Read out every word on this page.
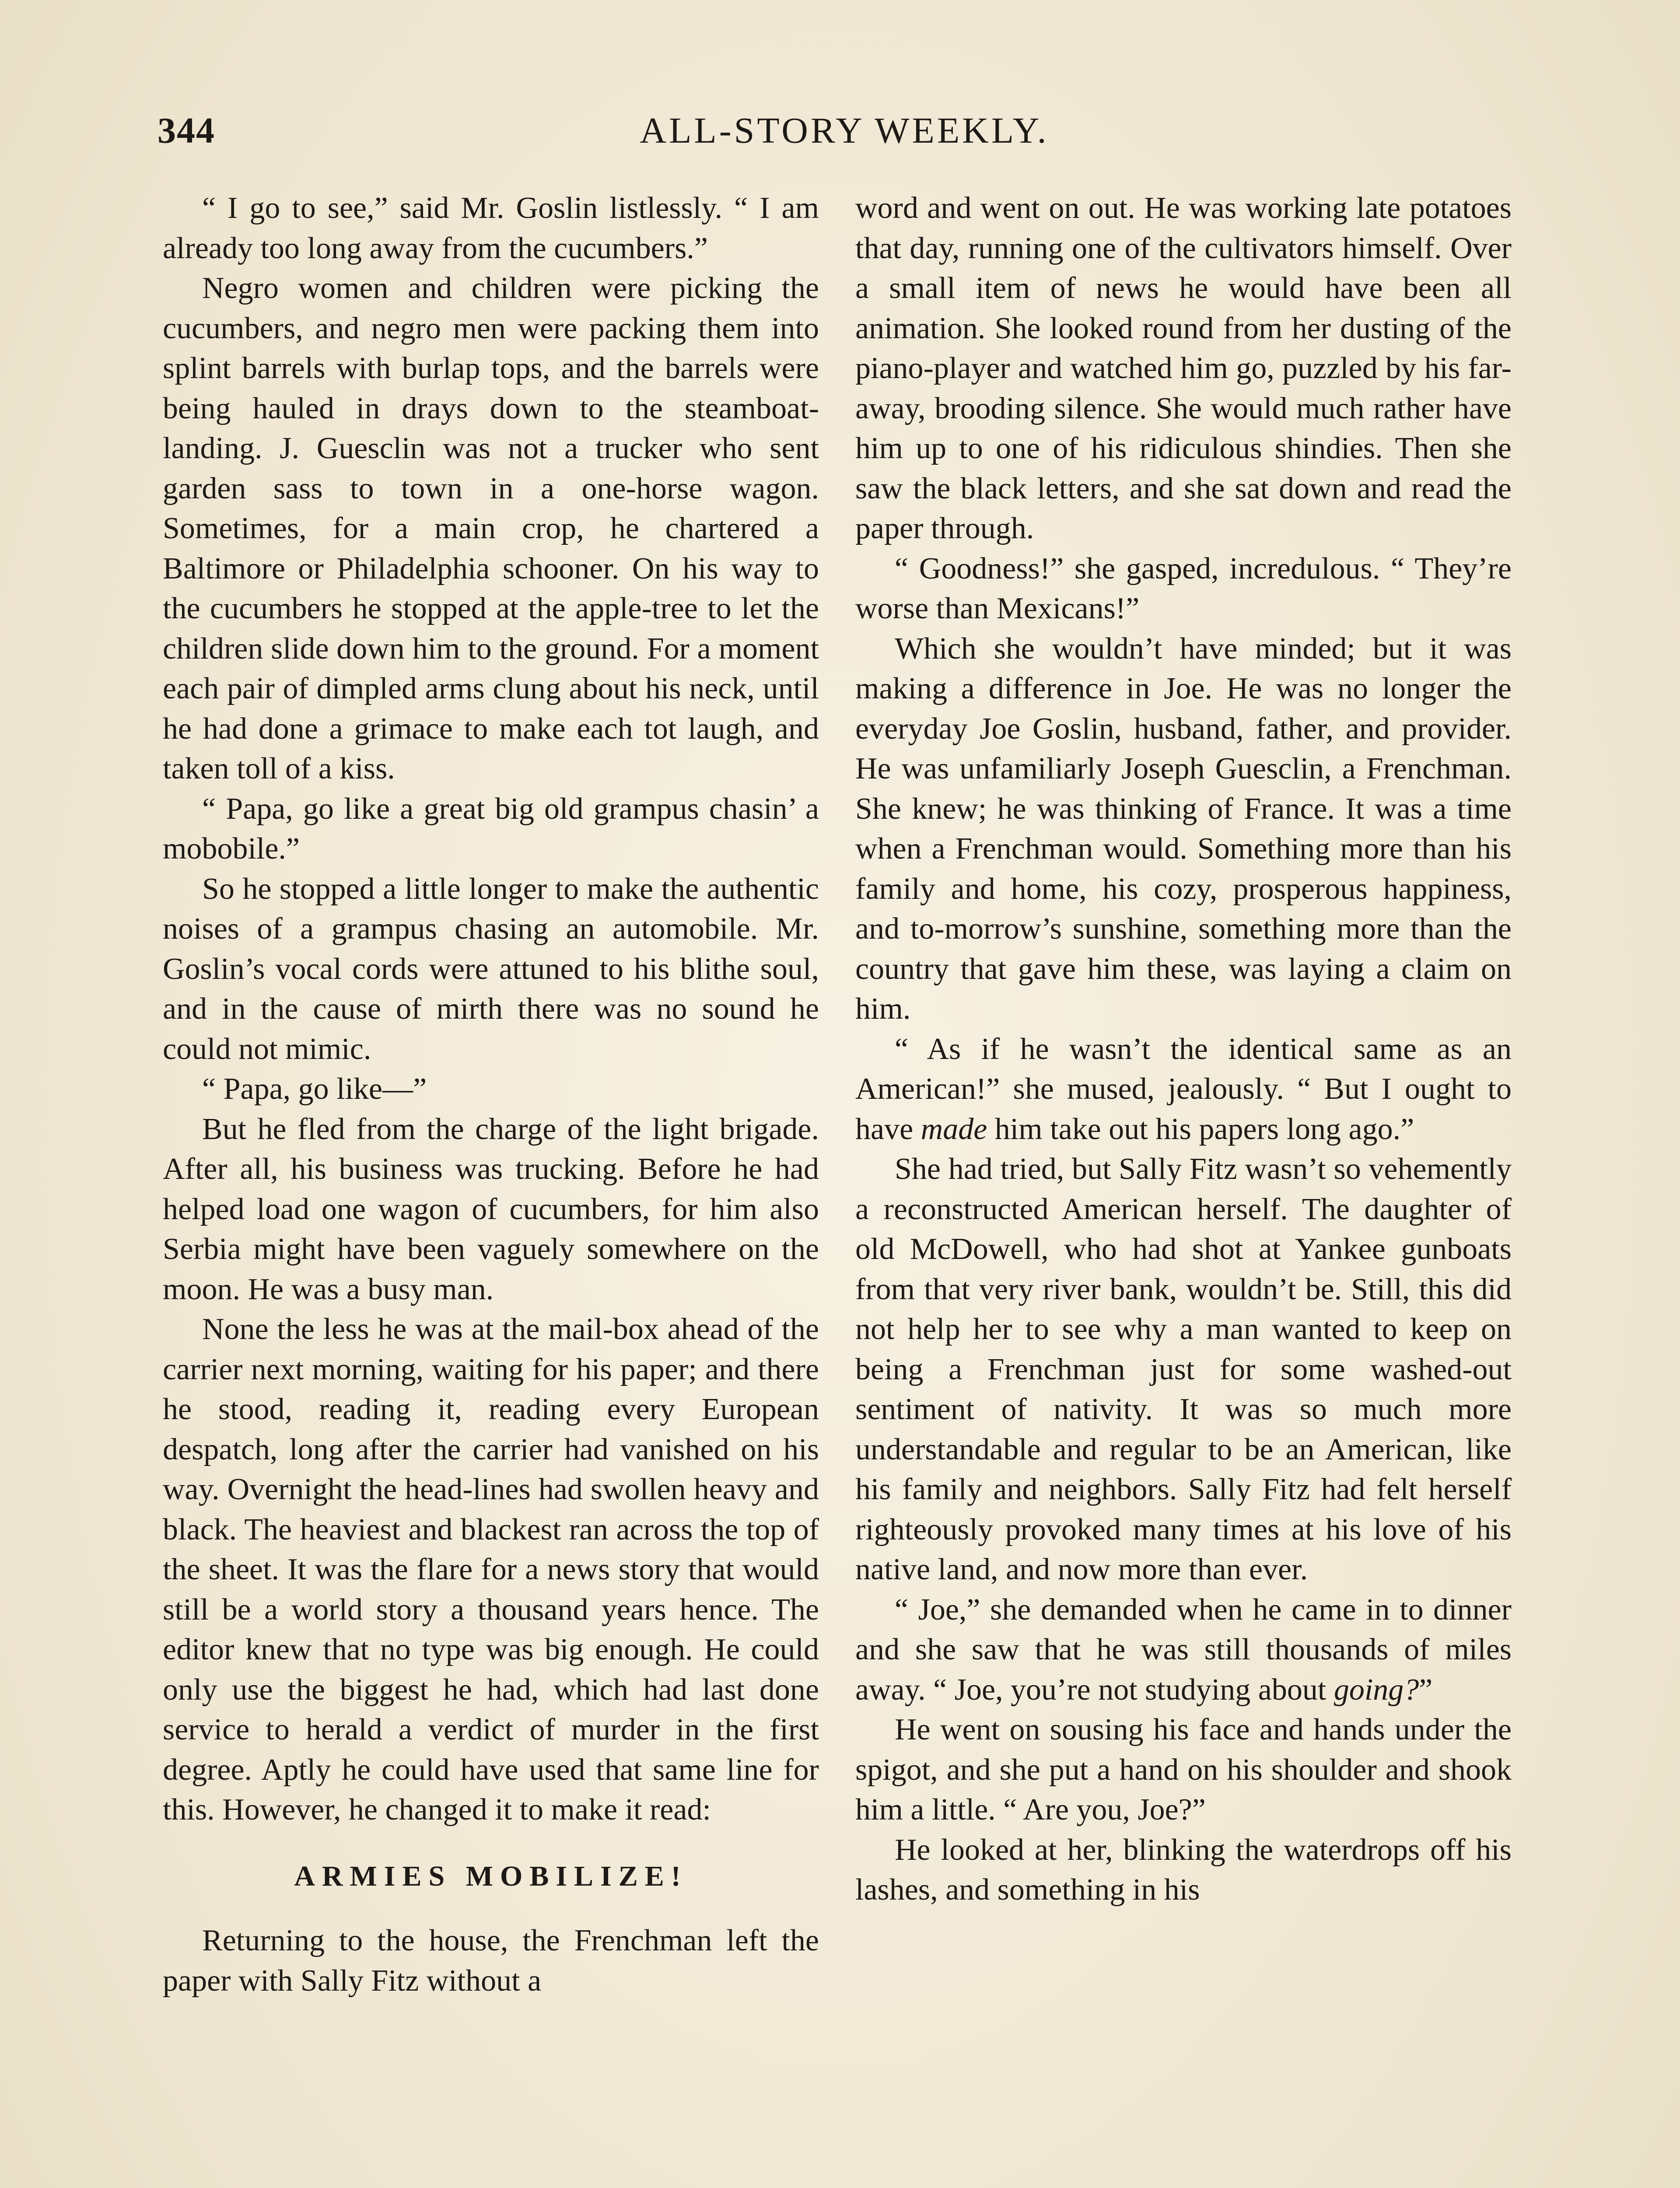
344	ALL-STORY WEEKLY.

“ I go to see,” said Mr. Goslin listlessly. “ I am already too long away from the cucumbers.”

Negro women and children were picking the cucumbers, and negro men were packing them into splint barrels with burlap tops, and the barrels were being hauled in drays down to the steamboat-landing. J. Guesclin was not a trucker who sent garden sass to town in a one-horse wagon. Sometimes, for a main crop, he chartered a Baltimore or Philadelphia schooner. On his way to the cucumbers he stopped at the apple-tree to let the children slide down him to the ground. For a moment each pair of dimpled arms clung about his neck, until he had done a grimace to make each tot laugh, and taken toll of a kiss.

“ Papa, go like a great big old grampus chasin’ a mobobile.”

So he stopped a little longer to make the authentic noises of a grampus chasing an automobile. Mr. Goslin’s vocal cords were attuned to his blithe soul, and in the cause of mirth there was no sound he could not mimic.

“ Papa, go like—”

But he fled from the charge of the light brigade. After all, his business was trucking. Before he had helped load one wagon of cucumbers, for him also Serbia might have been vaguely somewhere on the moon. He was a busy man.

None the less he was at the mail-box ahead of the carrier next morning, waiting for his paper; and there he stood, reading it, reading every European despatch, long after the carrier had vanished on his way. Overnight the head-lines had swollen heavy and black. The heaviest and blackest ran across the top of the sheet. It was the flare for a news story that would still be a world story a thousand years hence. The editor knew that no type was big enough. He could only use the biggest he had, which had last done service to herald a verdict of murder in the first degree. Aptly he could have used that same line for this. However, he changed it to make it read:

ARMIES MOBILIZE!

Returning to the house, the Frenchman left the paper with Sally Fitz without a

word and went on out. He was working late potatoes that day, running one of the cultivators himself. Over a small item of news he would have been all animation. She looked round from her dusting of the piano-player and watched him go, puzzled by his far-away, brooding silence. She would much rather have him up to one of his ridiculous shindies. Then she saw the black letters, and she sat down and read the paper through.

“ Goodness!” she gasped, incredulous. “ They’re worse than Mexicans!”

Which she wouldn’t have minded; but it was making a difference in Joe. He was no longer the everyday Joe Goslin, husband, father, and provider. He was unfamiliarly Joseph Guesclin, a Frenchman. She knew; he was thinking of France. It was a time when a Frenchman would. Something more than his family and home, his cozy, prosperous happiness, and to-morrow’s sunshine, something more than the country that gave him these, was laying a claim on him.

“ As if he wasn’t the identical same as an American!” she mused, jealously. “ But I ought to have made him take out his papers long ago.”

She had tried, but Sally Fitz wasn’t so vehemently a reconstructed American herself. The daughter of old McDowell, who had shot at Yankee gunboats from that very river bank, wouldn’t be. Still, this did not help her to see why a man wanted to keep on being a Frenchman just for some washed-out sentiment of nativity. It was so much more understandable and regular to be an American, like his family and neighbors. Sally Fitz had felt herself righteously provoked many times at his love of his native land, and now more than ever.

“ Joe,” she demanded when he came in to dinner and she saw that he was still thousands of miles away. “ Joe, you’re not studying about going?”

He went on sousing his face and hands under the spigot, and she put a hand on his shoulder and shook him a little. “ Are you, Joe?”

He looked at her, blinking the waterdrops off his lashes, and something in his
